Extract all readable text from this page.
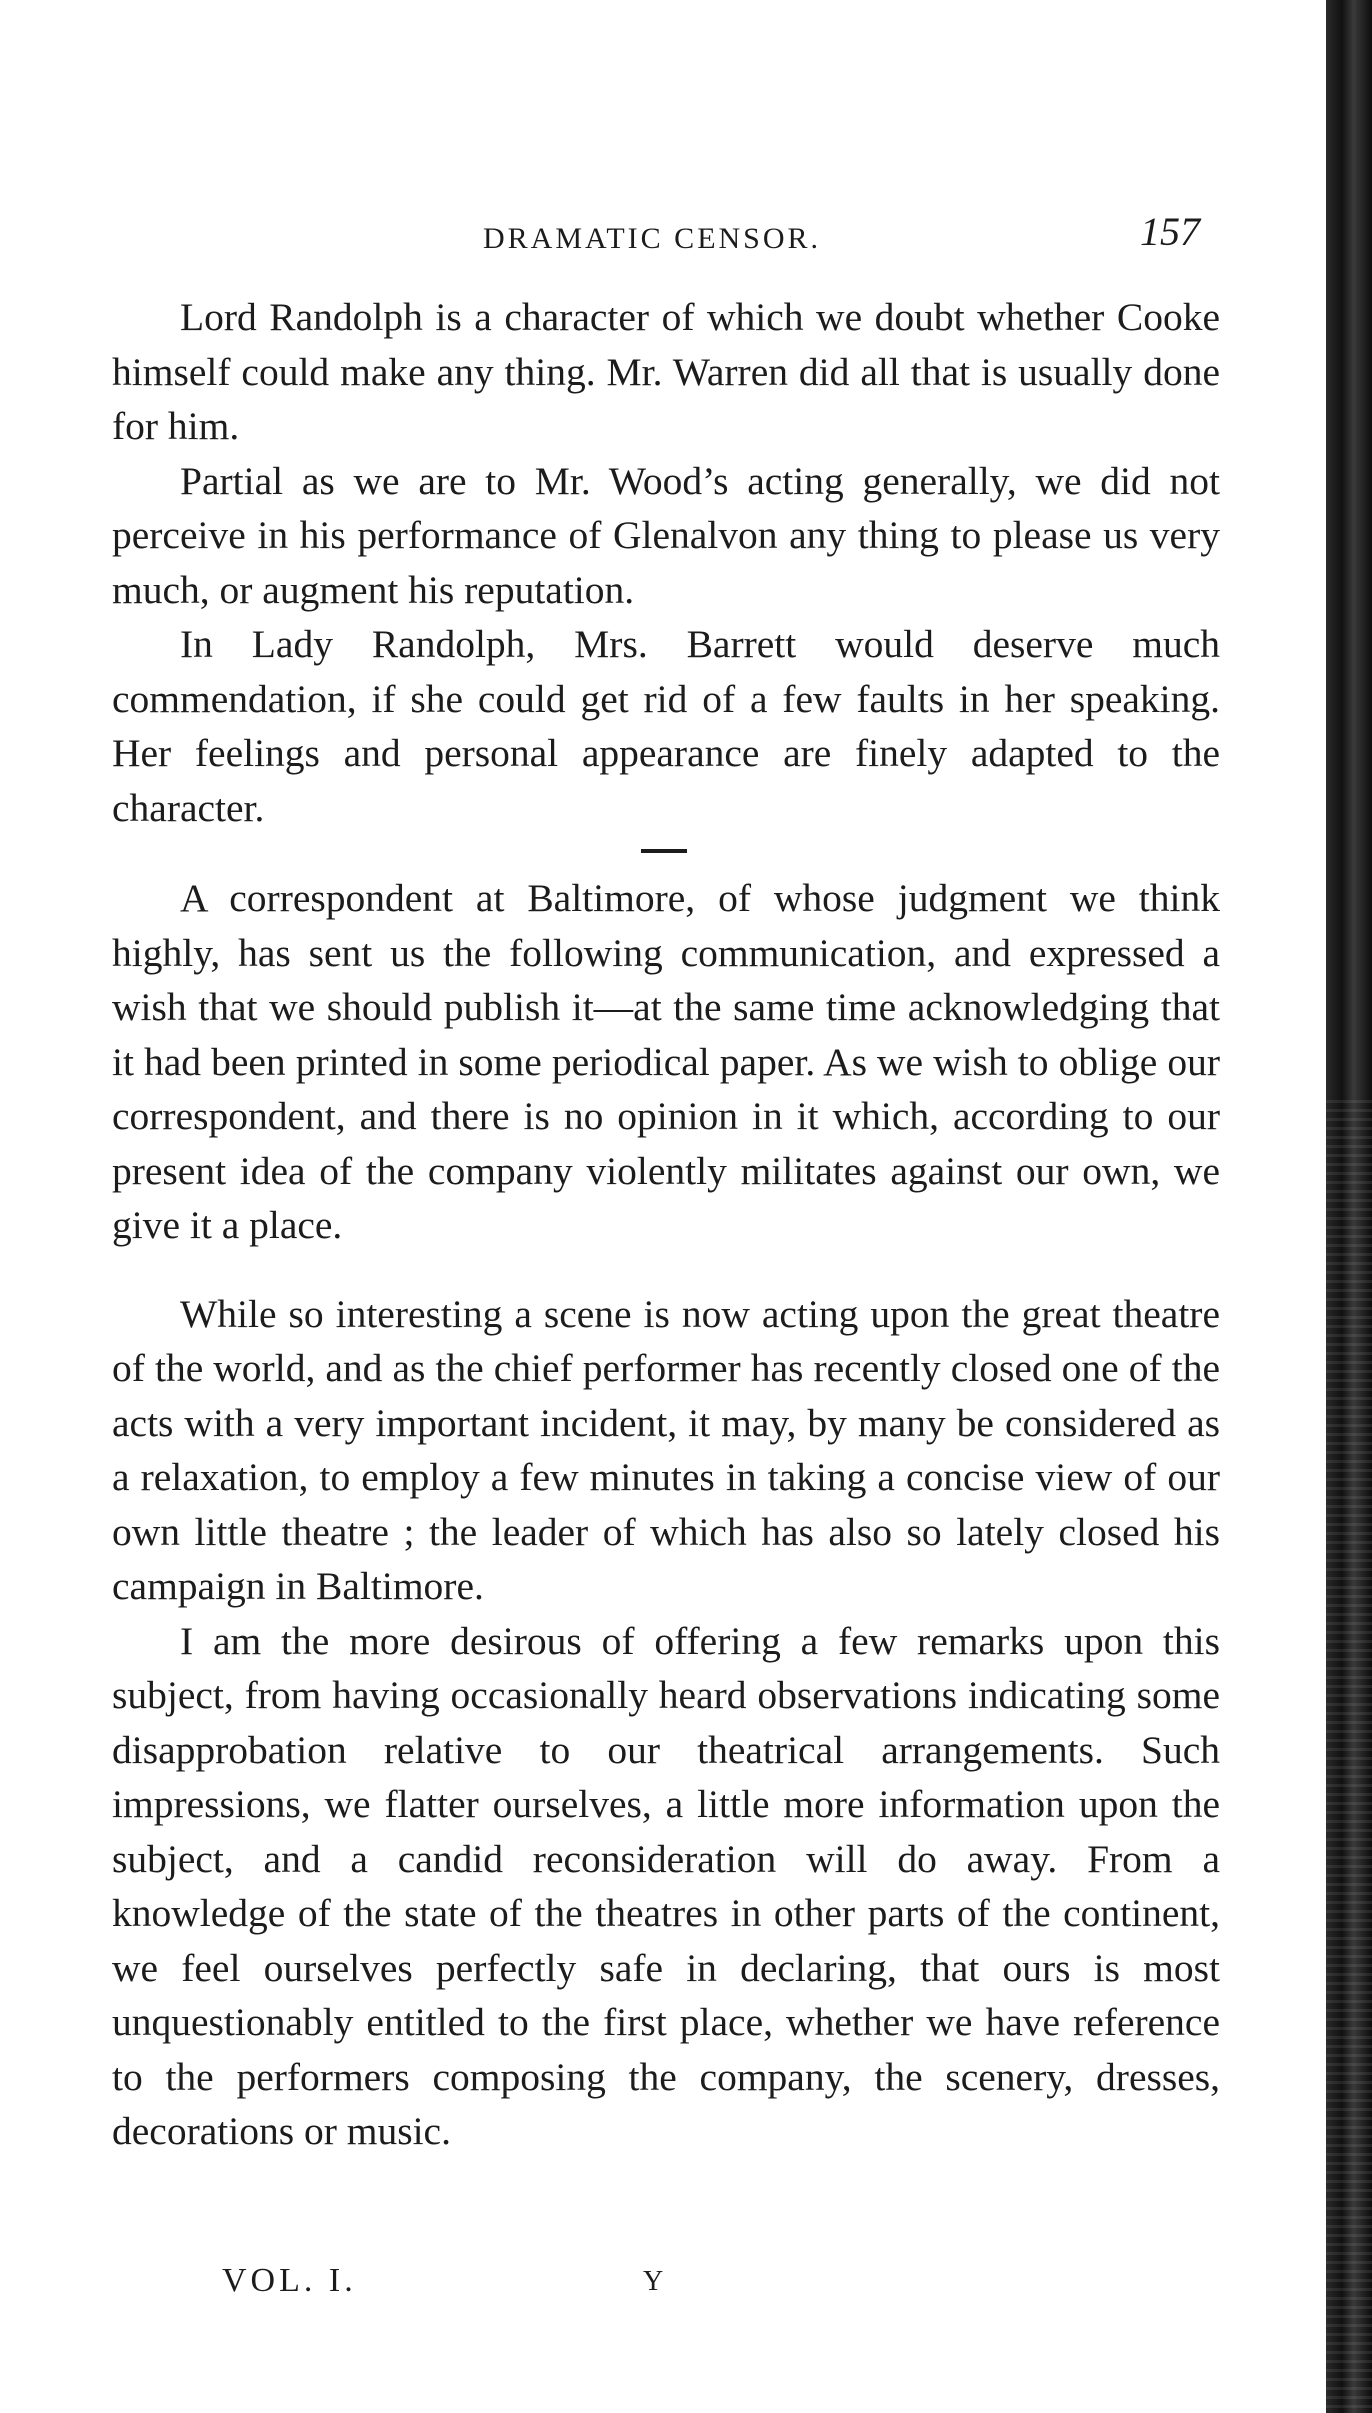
DRAMATIC CENSOR.	157

Lord Randolph is a character of which we doubt whether Cooke himself could make any thing. Mr. Warren did all that is usually done for him.

Partial as we are to Mr. Wood’s acting generally, we did not perceive in his performance of Glenalvon any thing to please us very much, or augment his reputation.

In Lady Randolph, Mrs. Barrett would deserve much commendation, if she could get rid of a few faults in her speaking. Her feelings and personal appearance are finely adapted to the character.

A correspondent at Baltimore, of whose judgment we think highly, has sent us the following communication, and expressed a wish that we should publish it—at the same time acknowledging that it had been printed in some periodical paper. As we wish to oblige our correspondent, and there is no opinion in it which, according to our present idea of the company violently militates against our own, we give it a place.

While so interesting a scene is now acting upon the great theatre of the world, and as the chief performer has recently closed one of the acts with a very important incident, it may, by many be considered as a relaxation, to employ a few minutes in taking a concise view of our own little theatre ; the leader of which has also so lately closed his campaign in Baltimore.

I am the more desirous of offering a few remarks upon this subject, from having occasionally heard observations indicating some disapprobation relative to our theatrical arrangements. Such impressions, we flatter ourselves, a little more information upon the subject, and a candid reconsideration will do away. From a knowledge of the state of the theatres in other parts of the continent, we feel ourselves perfectly safe in declaring, that ours is most unquestionably entitled to the first place, whether we have reference to the performers composing the company, the scenery, dresses, decorations or music.

VOL. I.	Y
